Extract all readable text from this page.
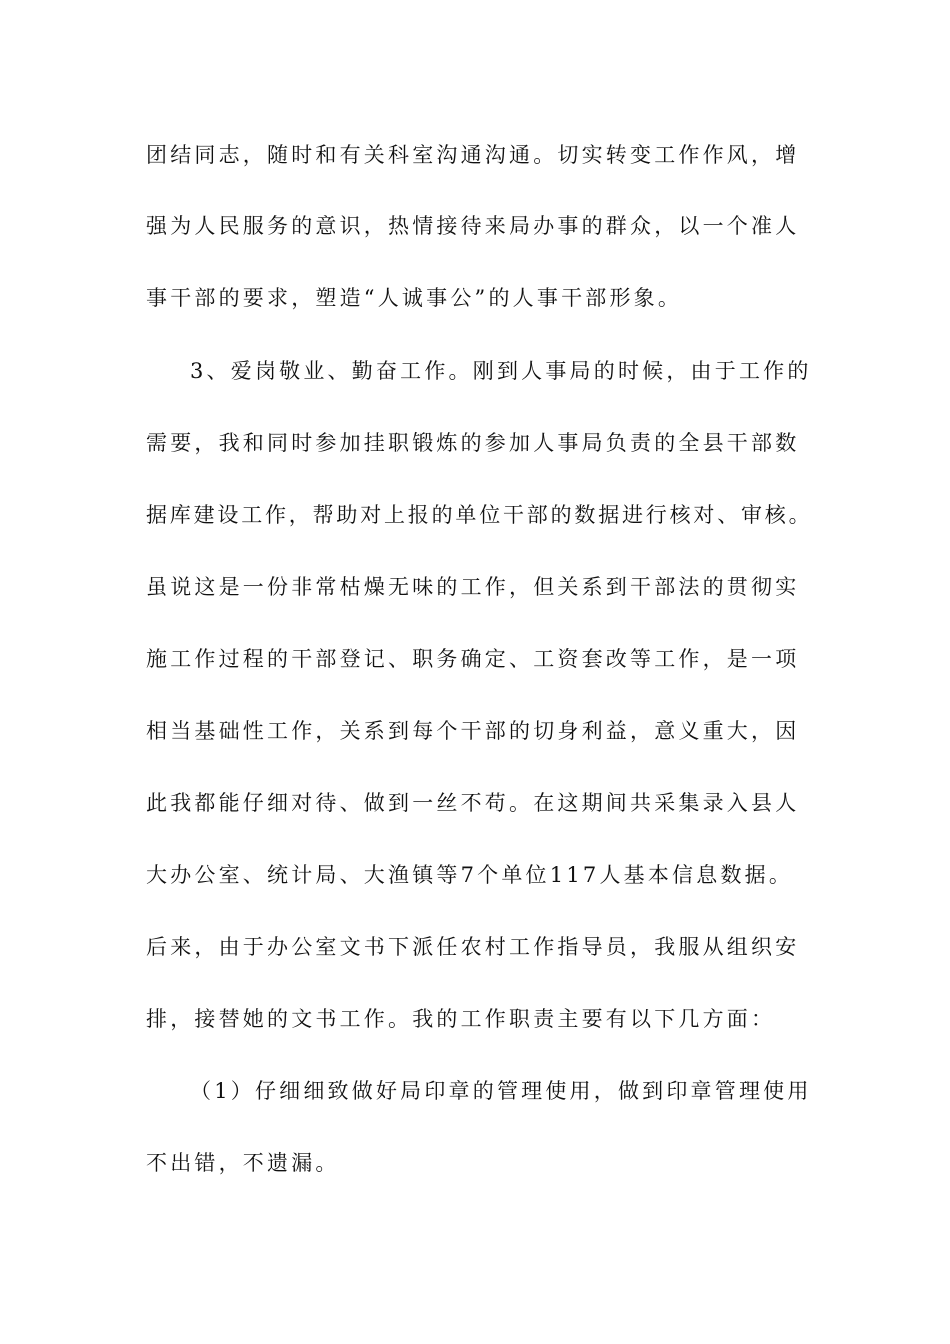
团结同志，随时和有关科室沟通沟通。切实转变工作作风，增
强为人民服务的意识，热情接待来局办事的群众，以一个准人
事干部的要求，塑造“人诚事公”的人事干部形象。
3、爱岗敬业、勤奋工作。刚到人事局的时候，由于工作的
需要，我和同时参加挂职锻炼的参加人事局负责的全县干部数
据库建设工作，帮助对上报的单位干部的数据进行核对、审核。
虽说这是一份非常枯燥无味的工作，但关系到干部法的贯彻实
施工作过程的干部登记、职务确定、工资套改等工作，是一项
相当基础性工作，关系到每个干部的切身利益，意义重大，因
此我都能仔细对待、做到一丝不苟。在这期间共采集录入县人
大办公室、统计局、大渔镇等7个单位117人基本信息数据。
后来，由于办公室文书下派任农村工作指导员，我服从组织安
排，接替她的文书工作。我的工作职责主要有以下几方面：
（1）仔细细致做好局印章的管理使用，做到印章管理使用
不出错，不遗漏。
